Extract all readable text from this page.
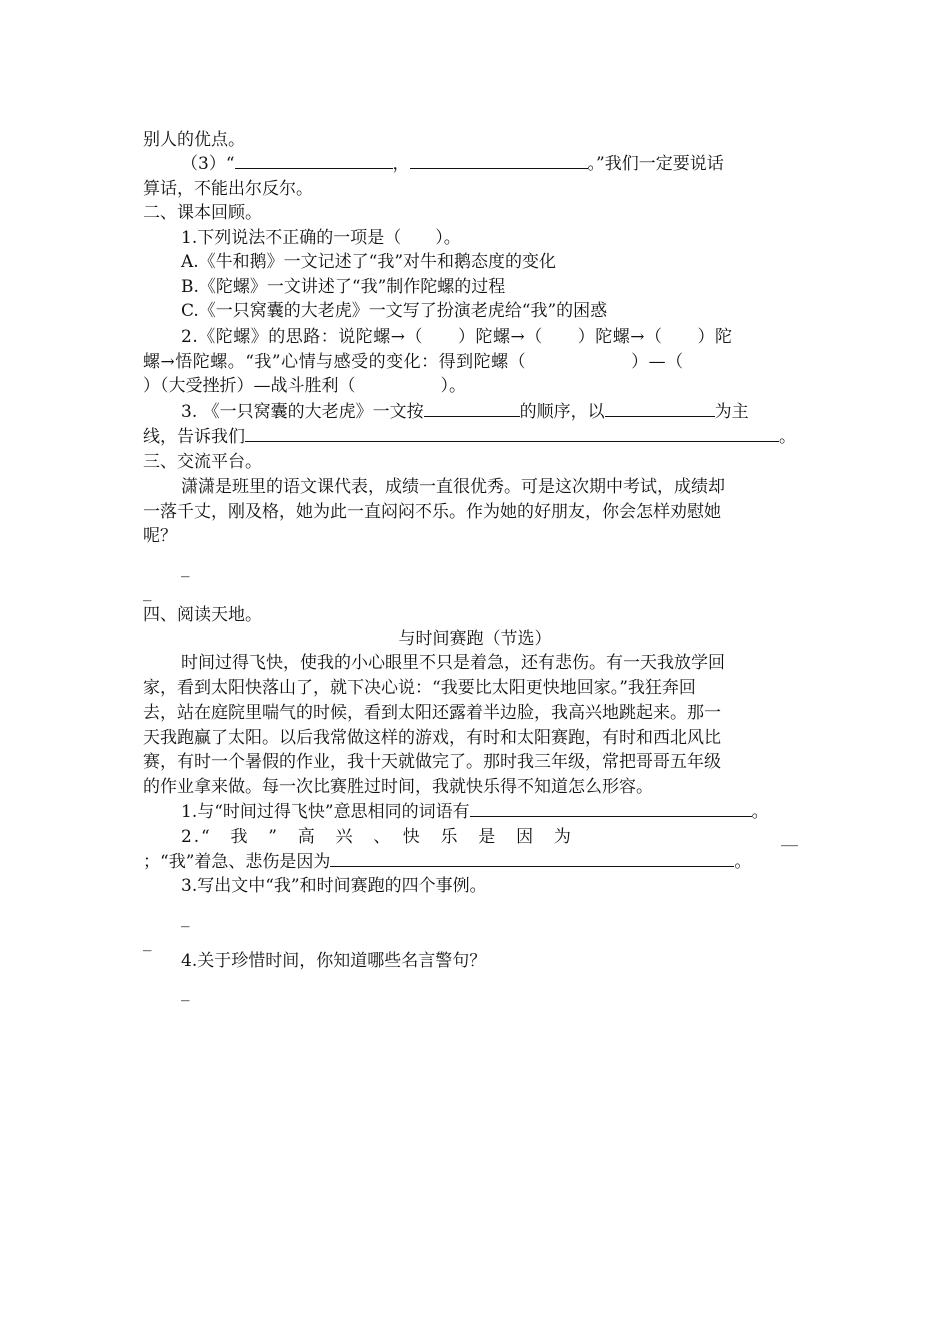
别人的优点。
（3）“	，	。”我们一定要说话
算话，不能出尔反尔。
二、课本回顾。
1.下列说法不正确的一项是（　　）。
A.《牛和鹅》一文记述了“我”对牛和鹅态度的变化
B.《陀螺》一文讲述了“我”制作陀螺的过程
C.《一只窝囊的大老虎》一文写了扮演老虎给“我”的困惑
2.《陀螺》的思路：说陀螺→（　　）陀螺→（　　）陀螺→（　　）陀
螺→悟陀螺。“我”心情与感受的变化：得到陀螺（　　　　　　）—（
）（大受挫折）—战斗胜利（　　　　　）。
3. 《一只窝囊的大老虎》一文按	的顺序，以	为主
线，告诉我们	。
三、交流平台。
潇潇是班里的语文课代表，成绩一直很优秀。可是这次期中考试，成绩却
一落千丈，刚及格，她为此一直闷闷不乐。作为她的好朋友，你会怎样劝慰她
呢？
_
_
四、阅读天地。
与时间赛跑（节选）
时间过得飞快，使我的小心眼里不只是着急，还有悲伤。有一天我放学回
家，看到太阳快落山了，就下决心说：“我要比太阳更快地回家。”我狂奔回
去，站在庭院里喘气的时候，看到太阳还露着半边脸，我高兴地跳起来。那一
天我跑赢了太阳。以后我常做这样的游戏，有时和太阳赛跑，有时和西北风比
赛，有时一个暑假的作业，我十天就做完了。那时我三年级，常把哥哥五年级
的作业拿来做。每一次比赛胜过时间，我就快乐得不知道怎么形容。
1.与“时间过得飞快”意思相同的词语有	。
2.“　我　”　高　兴　、　快　乐　是　因　为	__
；“我”着急、悲伤是因为	。
3.写出文中“我”和时间赛跑的四个事例。
_
_
4.关于珍惜时间，你知道哪些名言警句？
_
